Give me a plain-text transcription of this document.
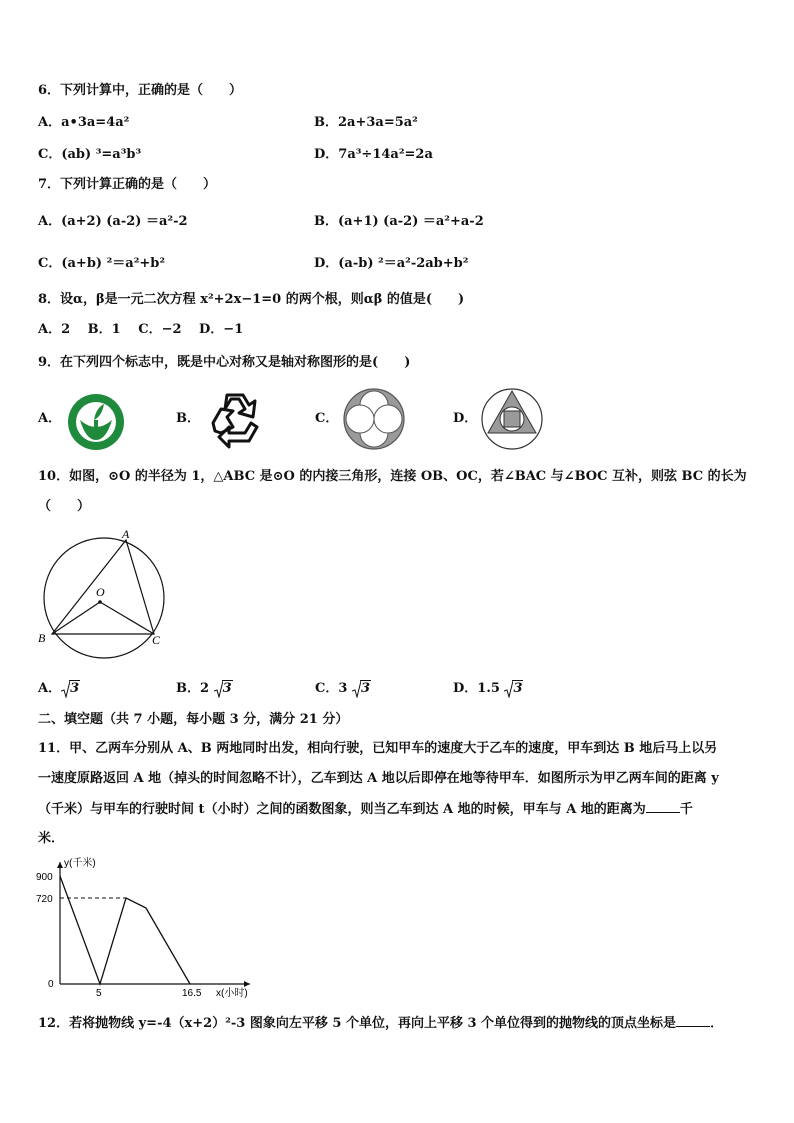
6．下列计算中，正确的是（　　）
A．a•3a=4a²	B．2a+3a=5a²
C．(ab) ³=a³b³	D．7a³÷14a²=2a
7．下列计算正确的是（　　）
A．(a+2) (a-2) ＝a²-2	B．(a+1) (a-2) ＝a²+a-2
C．(a+b) ²＝a²+b²	D．(a-b) ²＝a²-2ab+b²
8．设α，β是一元二次方程 x²+2x−1=0 的两个根，则αβ 的值是(　　)
A．2　 B．1　 C．−2　 D．−1
9．在下列四个标志中，既是中心对称又是轴对称图形的是(　　)
A．	B．	C．	D．
10．如图，⊙O 的半径为 1，△ABC 是⊙O 的内接三角形，连接 OB、OC，若∠BAC 与∠BOC 互补，则弦 BC 的长为
（　　）
A
O
B	C
A． 3	B．2 3	C．3 3	D．1.5 3
二、填空题（共 7 小题，每小题 3 分，满分 21 分）
11．甲、乙两车分别从 A、B 两地同时出发，相向行驶，已知甲车的速度大于乙车的速度，甲车到达 B 地后马上以另
一速度原路返回 A 地（掉头的时间忽略不计），乙车到达 A 地以后即停在地等待甲车．如图所示为甲乙两车间的距离 y
（千米）与甲车的行驶时间 t（小时）之间的函数图象，则当乙车到达 A 地的时候，甲车与 A 地的距离为	千
米．
y(千米)
x(小时)
900
720
0
5	16.5
12．若将抛物线 y=-4（x+2）²-3 图象向左平移 5 个单位，再向上平移 3 个单位得到的抛物线的顶点坐标是	．
